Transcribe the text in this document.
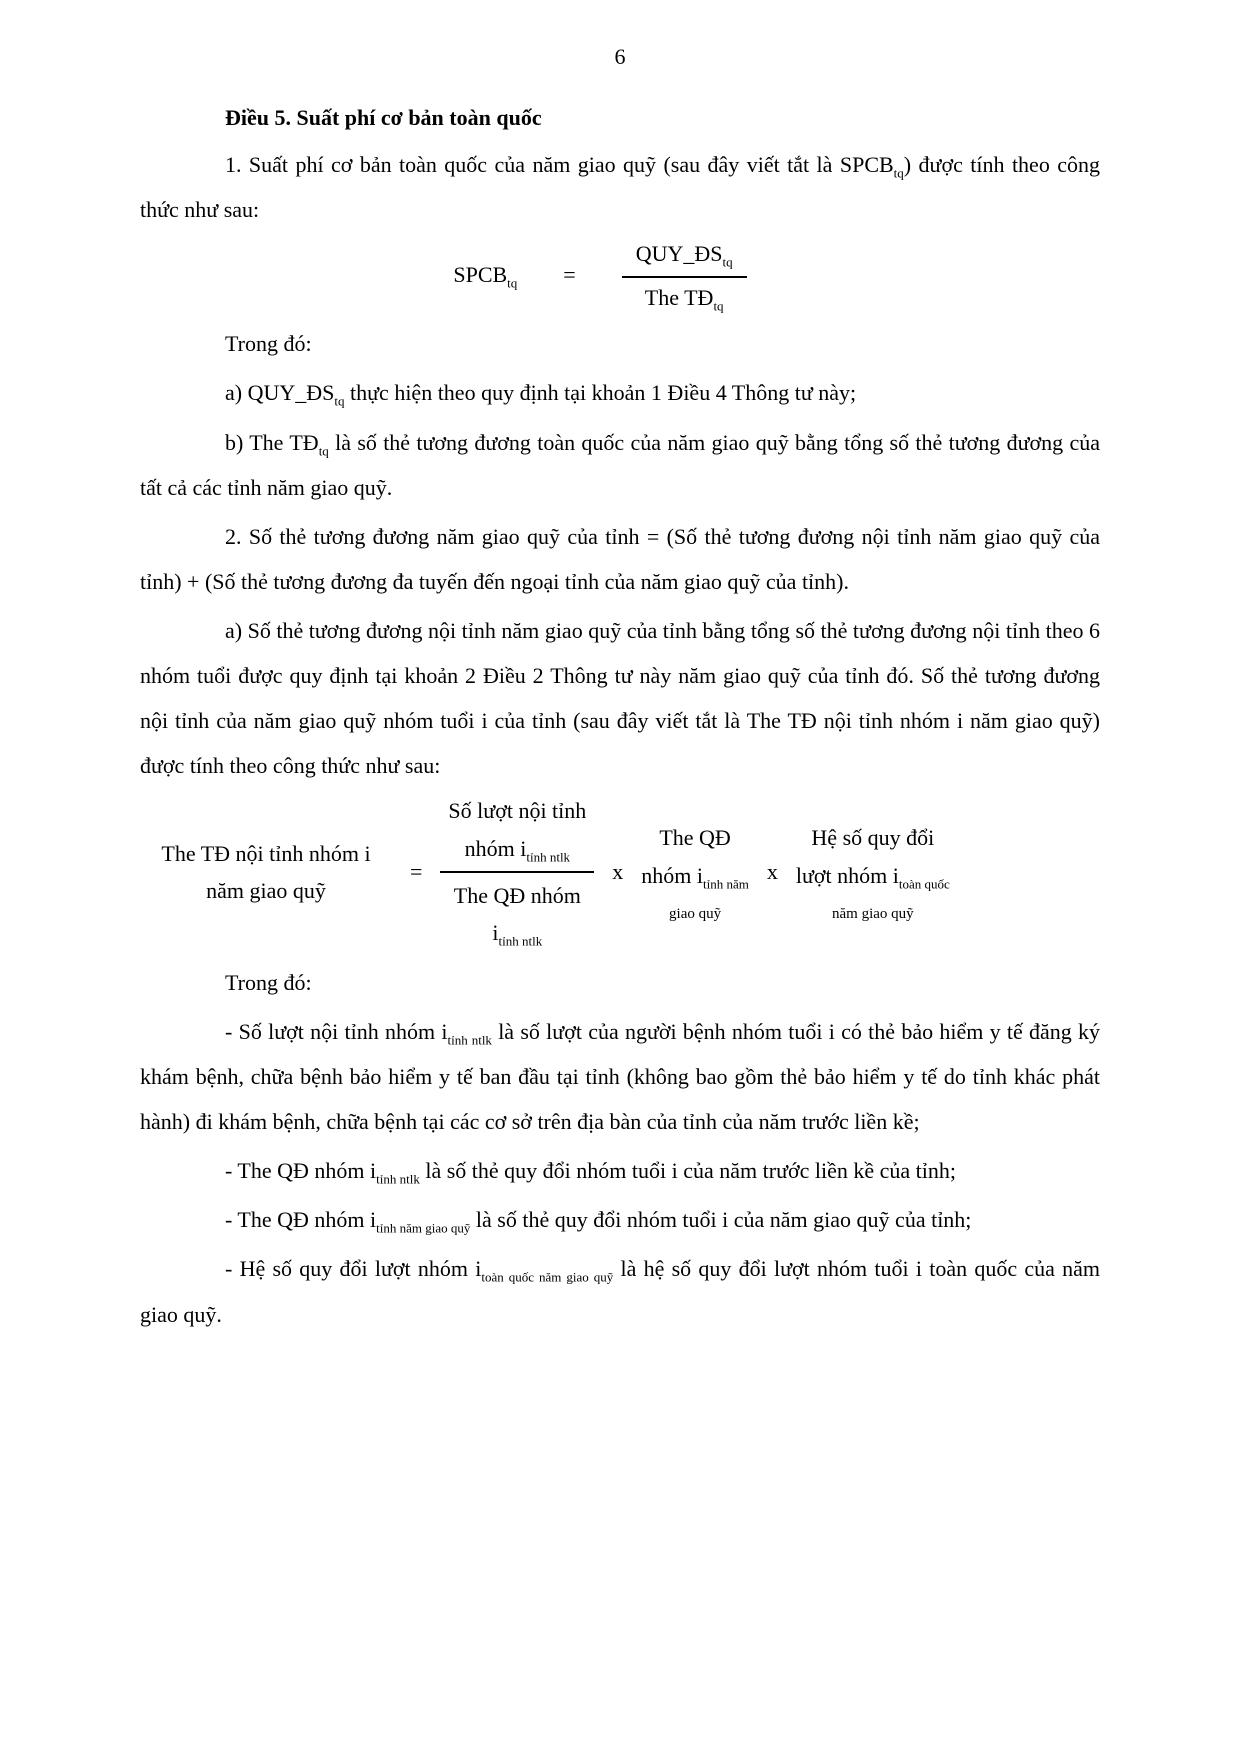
6

Điều 5. Suất phí cơ bản toàn quốc

1. Suất phí cơ bản toàn quốc của năm giao quỹ (sau đây viết tắt là $SPCB_{tq}$) được tính theo công thức như sau:

$SPCB_{tq} = \frac{QUY\_ĐS_{tq}}{The TĐ_{tq}}$

Trong đó:

a) $QUY\_ĐS_{tq}$ thực hiện theo quy định tại khoản 1 Điều 4 Thông tư này;

b) The $TĐ_{tq}$ là số thẻ tương đương toàn quốc của năm giao quỹ bằng tổng số thẻ tương đương của tất cả các tỉnh năm giao quỹ.

2. Số thẻ tương đương năm giao quỹ của tỉnh = (Số thẻ tương đương nội tỉnh năm giao quỹ của tỉnh) + (Số thẻ tương đương đa tuyến đến ngoại tỉnh của năm giao quỹ của tỉnh).

a) Số thẻ tương đương nội tỉnh năm giao quỹ của tỉnh bằng tổng số thẻ tương đương nội tỉnh theo 6 nhóm tuổi được quy định tại khoản 2 Điều 2 Thông tư này năm giao quỹ của tỉnh đó. Số thẻ tương đương nội tỉnh của năm giao quỹ nhóm tuổi i của tỉnh (sau đây viết tắt là The TĐ nội tỉnh nhóm i năm giao quỹ) được tính theo công thức như sau:

The TĐ nội tỉnh nhóm i
năm giao quỹ
= Số lượt nội tỉnh
nhóm $i_{tỉnh ntlk}$
The QĐ nhóm
$i_{tỉnh ntlk}$ x
The QĐ
nhóm $i_{tỉnh năm}$
giao quỹ
x
Hệ số quy đổi
lượt nhóm $i_{toàn quốc}$
năm giao quỹ

Trong đó:

- Số lượt nội tỉnh nhóm $i_{tỉnh ntlk}$ là số lượt của người bệnh nhóm tuổi i có thẻ bảo hiểm y tế đăng ký khám bệnh, chữa bệnh bảo hiểm y tế ban đầu tại tỉnh (không bao gồm thẻ bảo hiểm y tế do tỉnh khác phát hành) đi khám bệnh, chữa bệnh tại các cơ sở trên địa bàn của tỉnh của năm trước liền kề;

- The QĐ nhóm $i_{tỉnh ntlk}$ là số thẻ quy đổi nhóm tuổi i của năm trước liền kề của tỉnh;

- The QĐ nhóm $i_{tỉnh năm giao quỹ}$ là số thẻ quy đổi nhóm tuổi i của năm giao quỹ của tỉnh;

- Hệ số quy đổi lượt nhóm $i_{toàn quốc năm giao quỹ}$ là hệ số quy đổi lượt nhóm tuổi i toàn quốc của năm giao quỹ.
